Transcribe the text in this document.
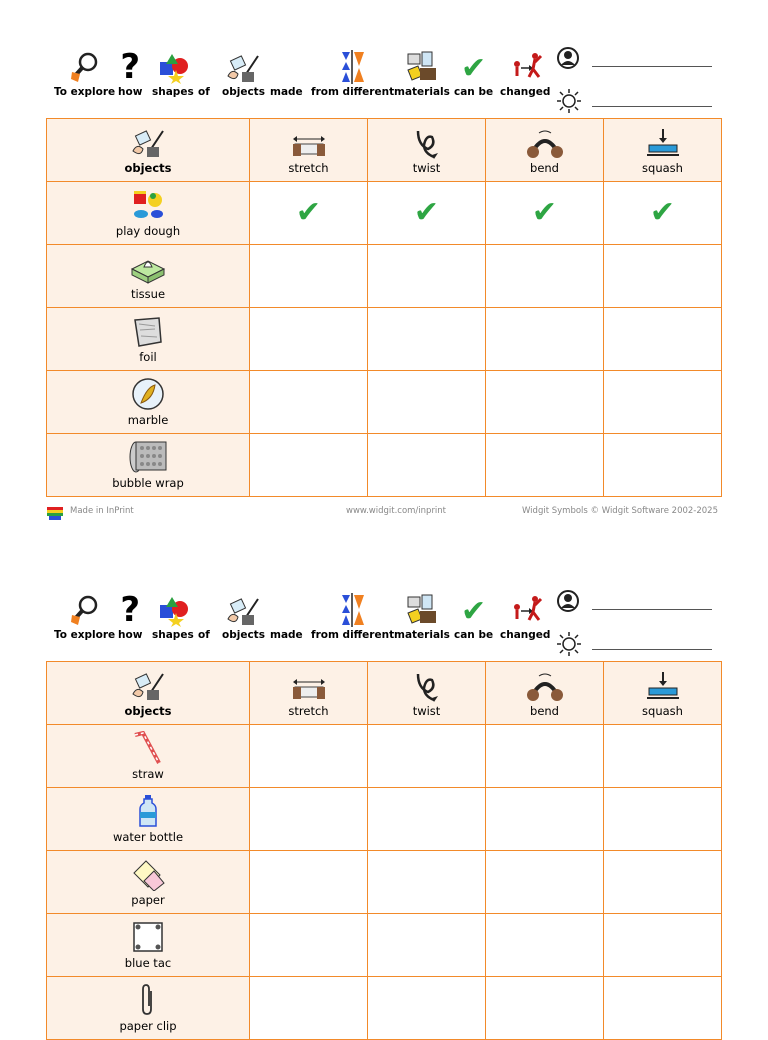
To explore
?
how shapes of objects made from different materials
✔
can be changed
objects	stretch	twist	bend	squash

play dough	✔	✔	✔	✔

tissue				

foil				

marble				

bubble wrap				

Made in InPrint	www.widgit.com/inprint	Widgit Symbols © Widgit Software 2002-2025
To explore
?
how shapes of objects made from different materials
✔
can be changed
objects	stretch	twist	bend	squash

straw				

water bottle				

paper				

blue tac				

paper clip				
